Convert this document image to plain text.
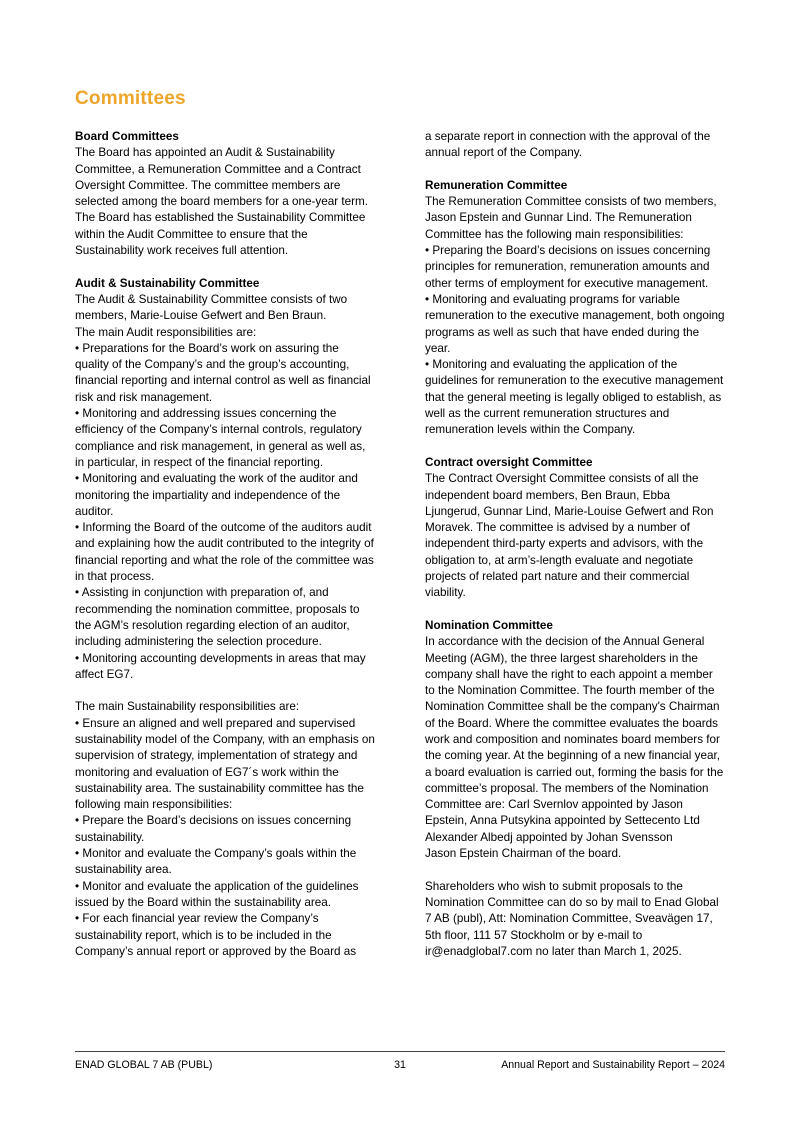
Committees

Board Committees

The Board has appointed an Audit & Sustainability Committee, a Remuneration Committee and a Contract Oversight Committee. The committee members are selected among the board members for a one-year term. The Board has established the Sustainability Committee within the Audit Committee to ensure that the Sustainability work receives full attention.

Audit & Sustainability Committee

The Audit & Sustainability Committee consists of two members, Marie-Louise Gefwert and Ben Braun.

The main Audit responsibilities are:

• Preparations for the Board’s work on assuring the quality of the Company’s and the group’s accounting, financial reporting and internal control as well as financial risk and risk management.

• Monitoring and addressing issues concerning the efficiency of the Company’s internal controls, regulatory compliance and risk management, in general as well as, in particular, in respect of the financial reporting.

• Monitoring and evaluating the work of the auditor and monitoring the impartiality and independence of the auditor.

• Informing the Board of the outcome of the auditors audit and explaining how the audit contributed to the integrity of financial reporting and what the role of the committee was in that process.

• Assisting in conjunction with preparation of, and recommending the nomination committee, proposals to the AGM’s resolution regarding election of an auditor, including administering the selection procedure.

• Monitoring accounting developments in areas that may affect EG7.

The main Sustainability responsibilities are:

• Ensure an aligned and well prepared and supervised sustainability model of the Company, with an emphasis on supervision of strategy, implementation of strategy and monitoring and evaluation of EG7´s work within the sustainability area. The sustainability committee has the following main responsibilities:

• Prepare the Board’s decisions on issues concerning sustainability.

• Monitor and evaluate the Company’s goals within the sustainability area.

• Monitor and evaluate the application of the guidelines issued by the Board within the sustainability area.

• For each financial year review the Company’s sustainability report, which is to be included in the Company’s annual report or approved by the Board as

a separate report in connection with the approval of the annual report of the Company.

Remuneration Committee

The Remuneration Committee consists of two members, Jason Epstein and Gunnar Lind. The Remuneration Committee has the following main responsibilities:

• Preparing the Board’s decisions on issues concerning principles for remuneration, remuneration amounts and other terms of employment for executive management.

• Monitoring and evaluating programs for variable remuneration to the executive management, both ongoing programs as well as such that have ended during the year.

• Monitoring and evaluating the application of the guidelines for remuneration to the executive management that the general meeting is legally obliged to establish, as well as the current remuneration structures and remuneration levels within the Company.

Contract oversight Committee

The Contract Oversight Committee consists of all the independent board members, Ben Braun, Ebba Ljungerud, Gunnar Lind, Marie-Louise Gefwert and Ron Moravek. The committee is advised by a number of independent third-party experts and advisors, with the obligation to, at arm’s-length evaluate and negotiate projects of related part nature and their commercial viability.

Nomination Committee

In accordance with the decision of the Annual General Meeting (AGM), the three largest shareholders in the company shall have the right to each appoint a member to the Nomination Committee. The fourth member of the Nomination Committee shall be the company's Chairman of the Board. Where the committee evaluates the boards work and composition and nominates board members for the coming year. At the beginning of a new financial year, a board evaluation is carried out, forming the basis for the committee’s proposal. The members of the Nomination Committee are: Carl Svernlov appointed by Jason Epstein, Anna Putsykina appointed by Settecento Ltd

Alexander Albedj appointed by Johan Svensson

Jason Epstein Chairman of the board.

Shareholders who wish to submit proposals to the Nomination Committee can do so by mail to Enad Global 7 AB (publ), Att: Nomination Committee, Sveavägen 17, 5th floor, 111 57 Stockholm or by e-mail to ir@enadglobal7.com no later than March 1, 2025.

ENAD GLOBAL 7 AB (PUBL)	31	Annual Report and Sustainability Report – 2024
